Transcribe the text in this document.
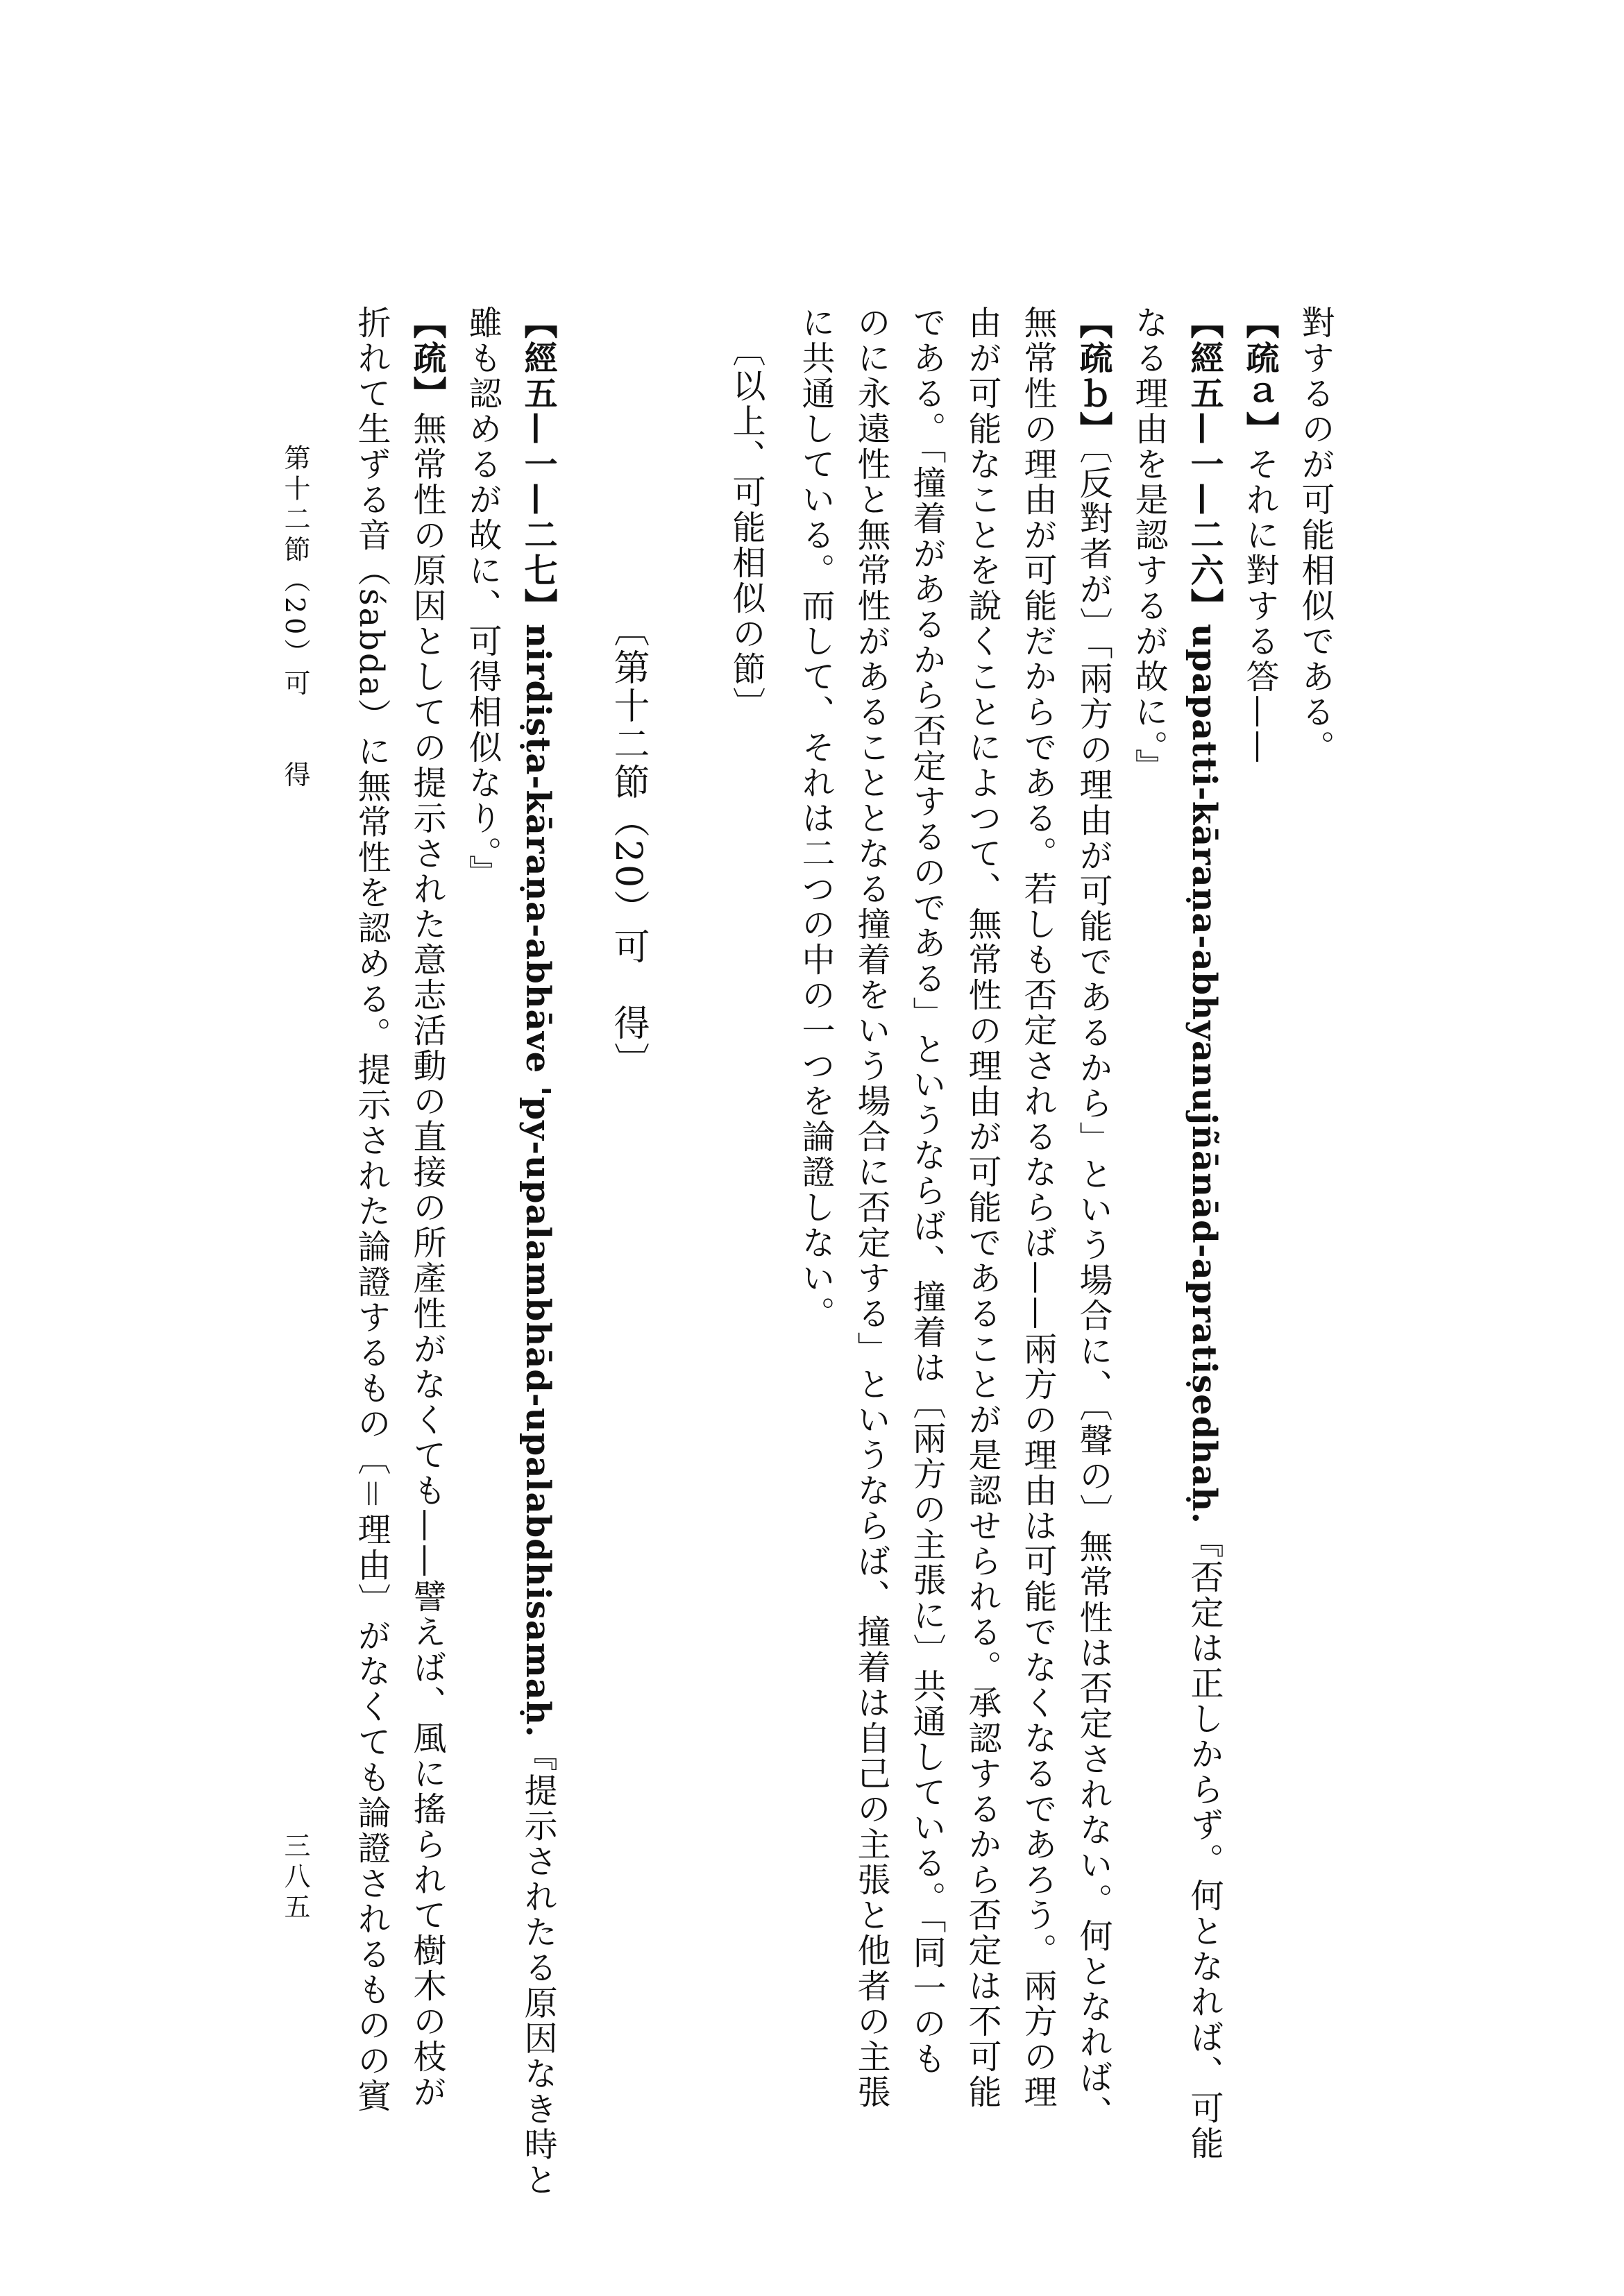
對するのが可能相似である。
【疏ａ】それに對する答——
【經五—一—二六】upapatti-kāraṇa-abhyanujñānād-apratiṣedhaḥ.『否定は正しからず。何となれば、可能
なる理由を是認するが故に。』
【疏ｂ】〔反對者が〕「兩方の理由が可能であるから」という場合に、〔聲の〕無常性は否定されない。何となれば、
無常性の理由が可能だからである。若しも否定されるならば——兩方の理由は可能でなくなるであろう。兩方の理
由が可能なことを說くことによつて、無常性の理由が可能であることが是認せられる。承認するから否定は不可能
である。「撞着があるから否定するのである」というならば、撞着は〔兩方の主張に〕共通している。「同一のも
のに永遠性と無常性があることとなる撞着をいう場合に否定する」というならば、撞着は自己の主張と他者の主張
に共通している。而して、それは二つの中の一つを論證しない。
〔以上、可能相似の節〕
〔第十二節（20）可　得〕
【經五—一—二七】nirdiṣṭa-kāraṇa-abhāve 'py-upalambhād-upalabdhisamaḥ.『提示されたる原因なき時と
雖も認めるが故に、可得相似なり。』
【疏】無常性の原因としての提示された意志活動の直接の所產性がなくても——譬えば、風に搖られて樹木の枝が
折れて生ずる音（śabda）に無常性を認める。提示された論證するもの〔＝理由〕がなくても論證されるものの賓
第十二節（20）可　　得
三八五
